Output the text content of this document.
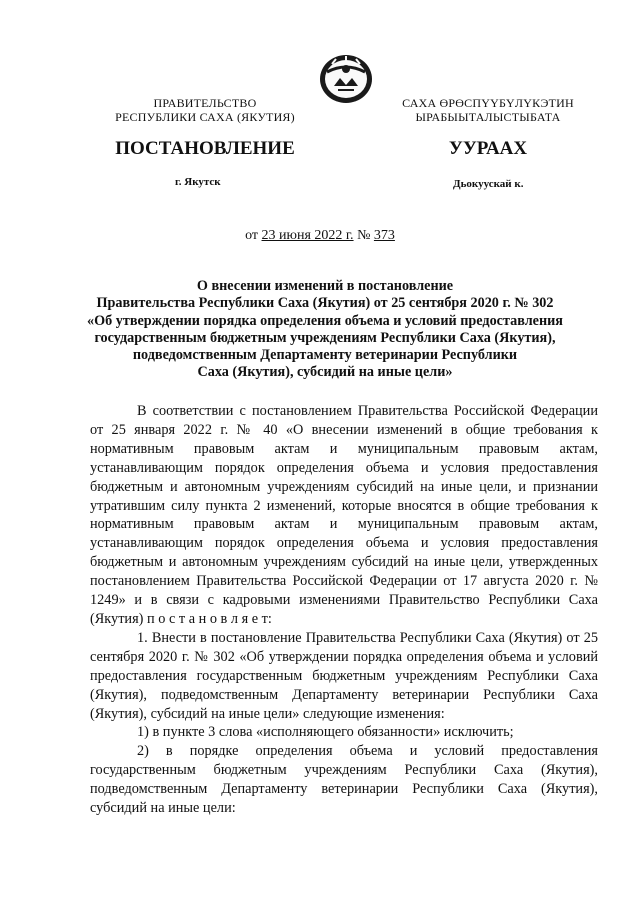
ПРАВИТЕЛЬСТВО
РЕСПУБЛИКИ САХА (ЯКУТИЯ)
САХА ӨРӨСПҮҮБҮЛҮКЭТИН
ЫРАБЫЫТАЛЫСТЫБАТА
ПОСТАНОВЛЕНИЕ	УУРААХ
г. Якутск	Дьокуускай к.
от 23 июня 2022 г. № 373
О внесении изменений в постановление
Правительства Республики Саха (Якутия) от 25 сентября 2020 г. № 302
«Об утверждении порядка определения объема и условий предоставления
государственным бюджетным учреждениям Республики Саха (Якутия),
подведомственным Департаменту ветеринарии Республики
Саха (Якутия), субсидий на иные цели»

В соответствии с постановлением Правительства Российской Федерации от 25 января 2022 г. № 40 «О внесении изменений в общие требования к нормативным правовым актам и муниципальным правовым актам, устанавливающим порядок определения объема и условия предоставления бюджетным и автономным учреждениям субсидий на иные цели, и признании утратившим силу пункта 2 изменений, которые вносятся в общие требования к нормативным правовым актам и муниципальным правовым актам, устанавливающим порядок определения объема и условия предоставления бюджетным и автономным учреждениям субсидий на иные цели, утвержденных постановлением Правительства Российской Федерации от 17 августа 2020 г. № 1249» и в связи с кадровыми изменениями Правительство Республики Саха (Якутия) п о с т а н о в л я е т:

1. Внести в постановление Правительства Республики Саха (Якутия) от 25 сентября 2020 г. № 302 «Об утверждении порядка определения объема и условий предоставления государственным бюджетным учреждениям Республики Саха (Якутия), подведомственным Департаменту ветеринарии Республики Саха (Якутия), субсидий на иные цели» следующие изменения:

1) в пункте 3 слова «исполняющего обязанности» исключить;

2) в порядке определения объема и условий предоставления государственным бюджетным учреждениям Республики Саха (Якутия), подведомственным Департаменту ветеринарии Республики Саха (Якутия), субсидий на иные цели:
